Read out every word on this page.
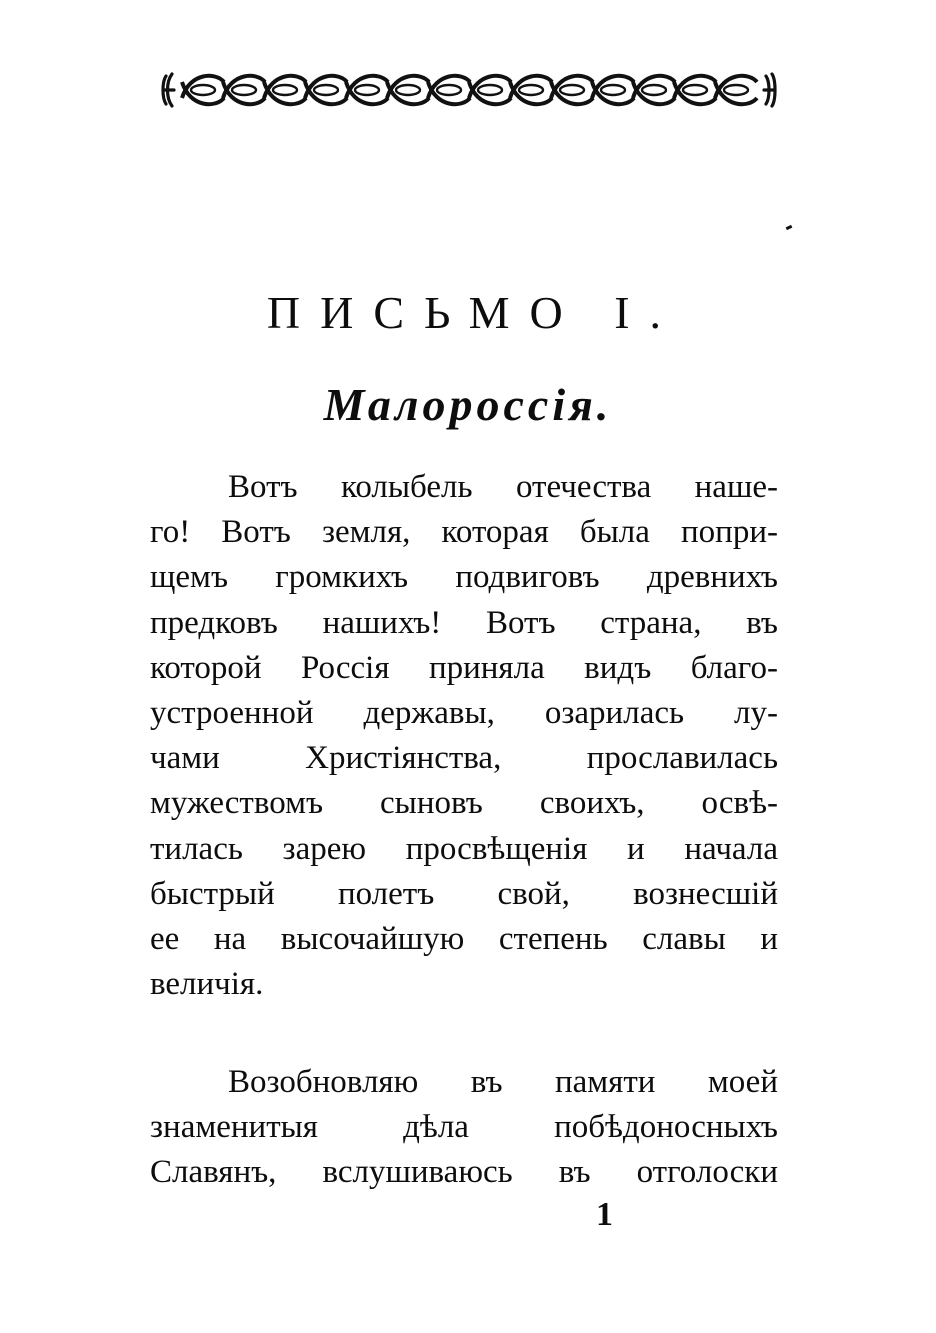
ПИСЬМО I.
Малороссія.
Вотъ колыбель отечества наше-
го! Вотъ земля, которая была попри-
щемъ громкихъ подвиговъ древнихъ
предковъ нашихъ! Вотъ страна, въ
которой Россія приняла видъ благо-
устроенной державы, озарилась лу-
чами Христіянства, прославилась
мужествомъ сыновъ своихъ, освѣ-
тилась зарею просвѣщенія и начала
быстрый полетъ свой, вознесшій
ее на высочайшую степень славы и
величія.
Возобновляю въ памяти моей
знаменитыя дѣла побѣдоносныхъ
Славянъ, вслушиваюсь въ отголоски
1
